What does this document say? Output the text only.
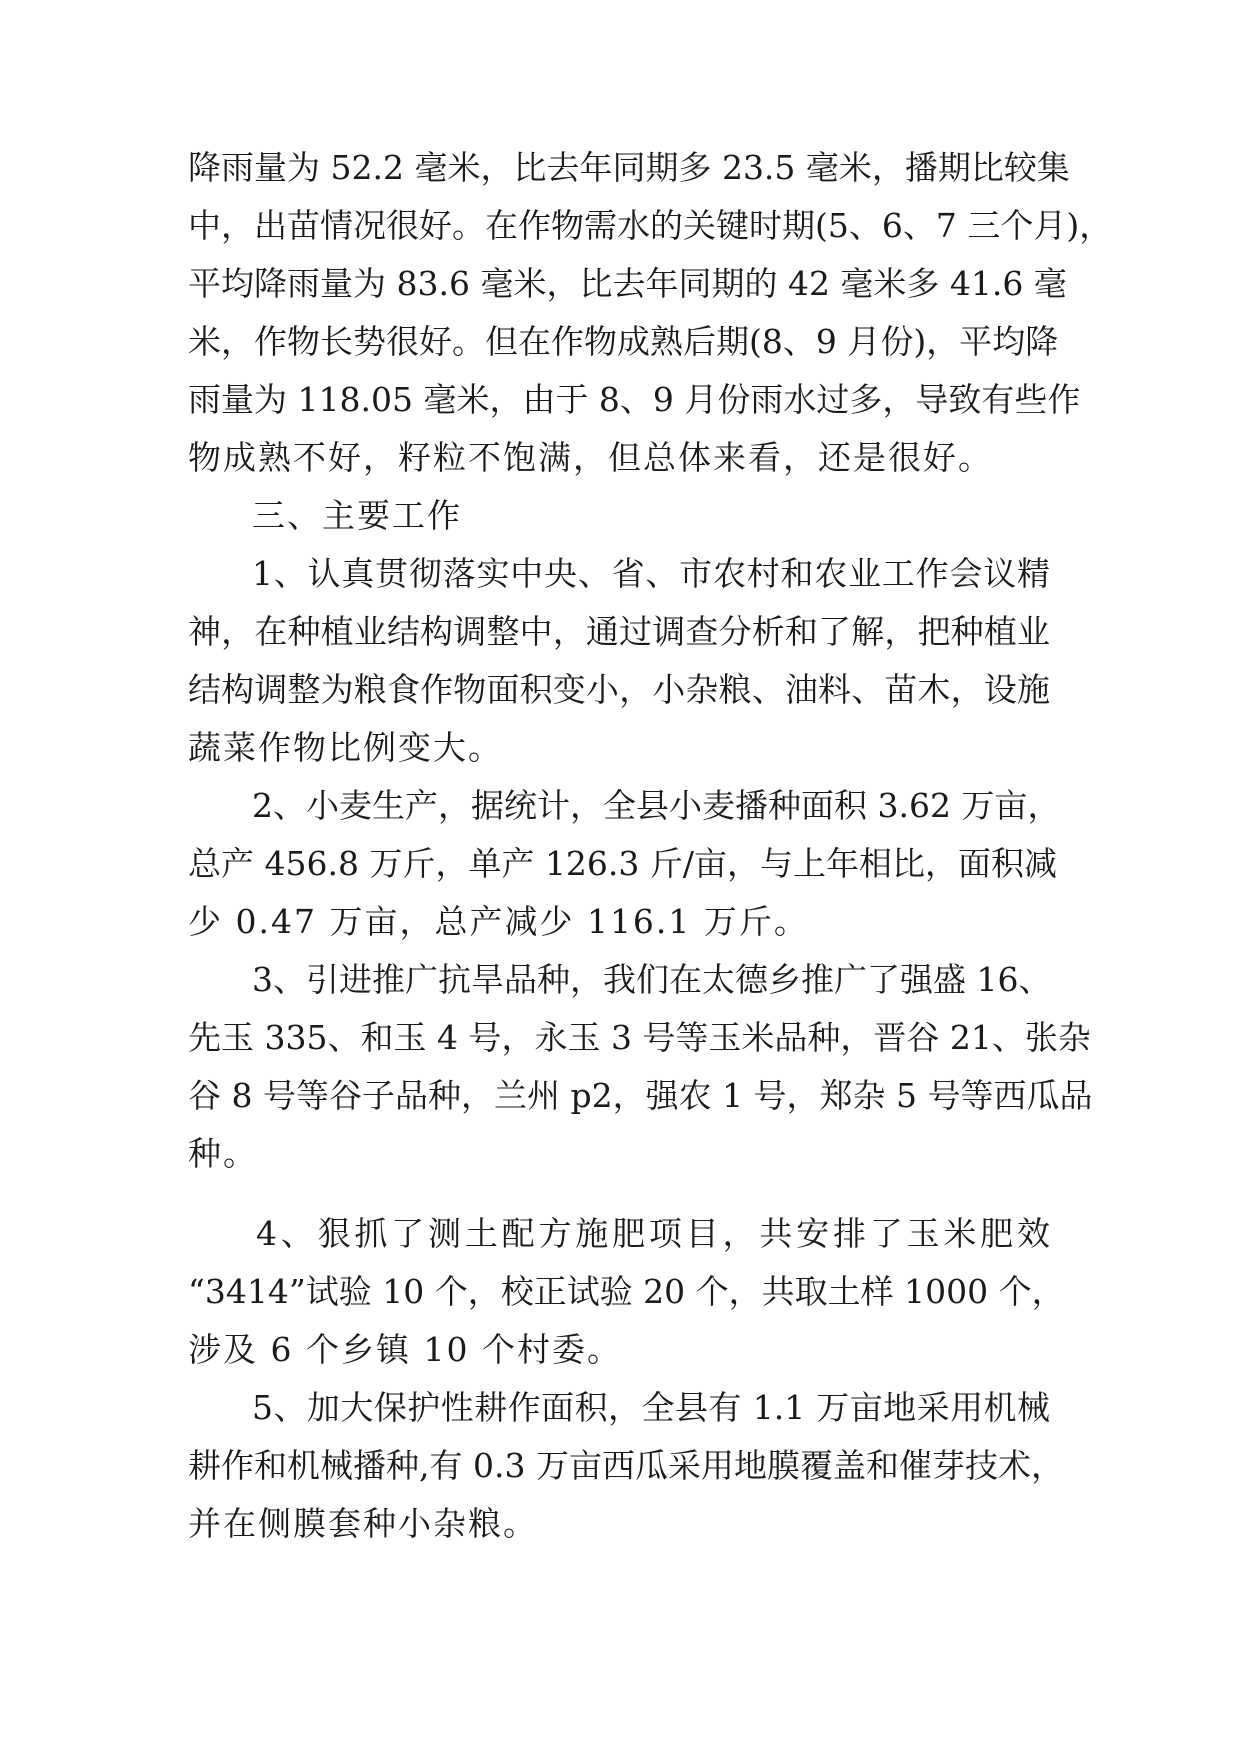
降雨量为 52.2 毫米，比去年同期多 23.5 毫米，播期比较集
中，出苗情况很好。在作物需水的关键时期(5、6、7 三个月)，
平均降雨量为 83.6 毫米，比去年同期的 42 毫米多 41.6 毫
米，作物长势很好。但在作物成熟后期(8、9 月份)，平均降
雨量为 118.05 毫米，由于 8、9 月份雨水过多，导致有些作
物成熟不好，籽粒不饱满，但总体来看，还是很好。
三、主要工作
1、认真贯彻落实中央、省、市农村和农业工作会议精
神，在种植业结构调整中，通过调查分析和了解，把种植业
结构调整为粮食作物面积变小，小杂粮、油料、苗木，设施
蔬菜作物比例变大。
2、小麦生产，据统计，全县小麦播种面积 3.62 万亩，
总产 456.8 万斤，单产 126.3 斤/亩，与上年相比，面积减
少 0.47 万亩，总产减少 116.1 万斤。
3、引进推广抗旱品种，我们在太德乡推广了强盛 16、
先玉 335、和玉 4 号，永玉 3 号等玉米品种，晋谷 21、张杂
谷 8 号等谷子品种，兰州 p2，强农 1 号，郑杂 5 号等西瓜品
种。
4、狠抓了测土配方施肥项目，共安排了玉米肥效
“3414”试验 10 个，校正试验 20 个，共取土样 1000 个，
涉及 6 个乡镇 10 个村委。
5、加大保护性耕作面积，全县有 1.1 万亩地采用机械
耕作和机械播种,有 0.3 万亩西瓜采用地膜覆盖和催芽技术，
并在侧膜套种小杂粮。
